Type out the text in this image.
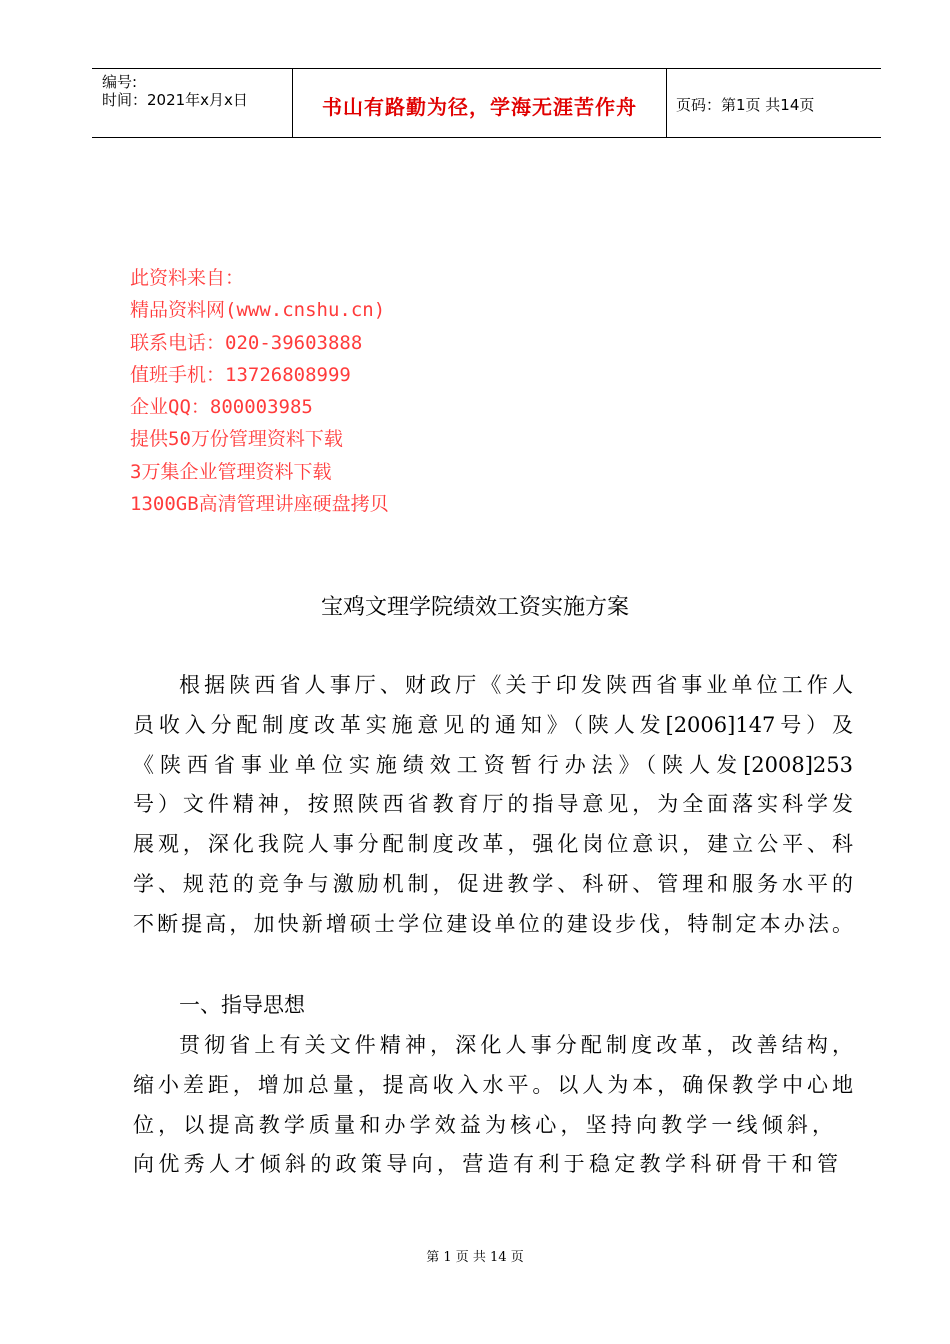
编号:
时间：2021年x月x日	书山有路勤为径，学海无涯苦作舟	页码：第1页 共14页
此资料来自：
精品资料网(www.cnshu.cn)
联系电话：020-39603888
值班手机：13726808999
企业QQ：800003985
提供50万份管理资料下载
3万集企业管理资料下载
1300GB高清管理讲座硬盘拷贝
宝鸡文理学院绩效工资实施方案
根据陕西省人事厅、财政厅《关于印发陕西省事业单位工作人
员收入分配制度改革实施意见的通知》（陕人发[2006]147号）及
《陕西省事业单位实施绩效工资暂行办法》（陕人发[2008]253
号）文件精神，按照陕西省教育厅的指导意见，为全面落实科学发
展观，深化我院人事分配制度改革，强化岗位意识，建立公平、科
学、规范的竞争与激励机制，促进教学、科研、管理和服务水平的
不断提高，加快新增硕士学位建设单位的建设步伐，特制定本办法。
一、指导思想
贯彻省上有关文件精神，深化人事分配制度改革，改善结构，
缩小差距，增加总量，提高收入水平。以人为本，确保教学中心地
位，以提高教学质量和办学效益为核心，坚持向教学一线倾斜，
向优秀人才倾斜的政策导向，营造有利于稳定教学科研骨干和管
第 1 页 共 14 页
